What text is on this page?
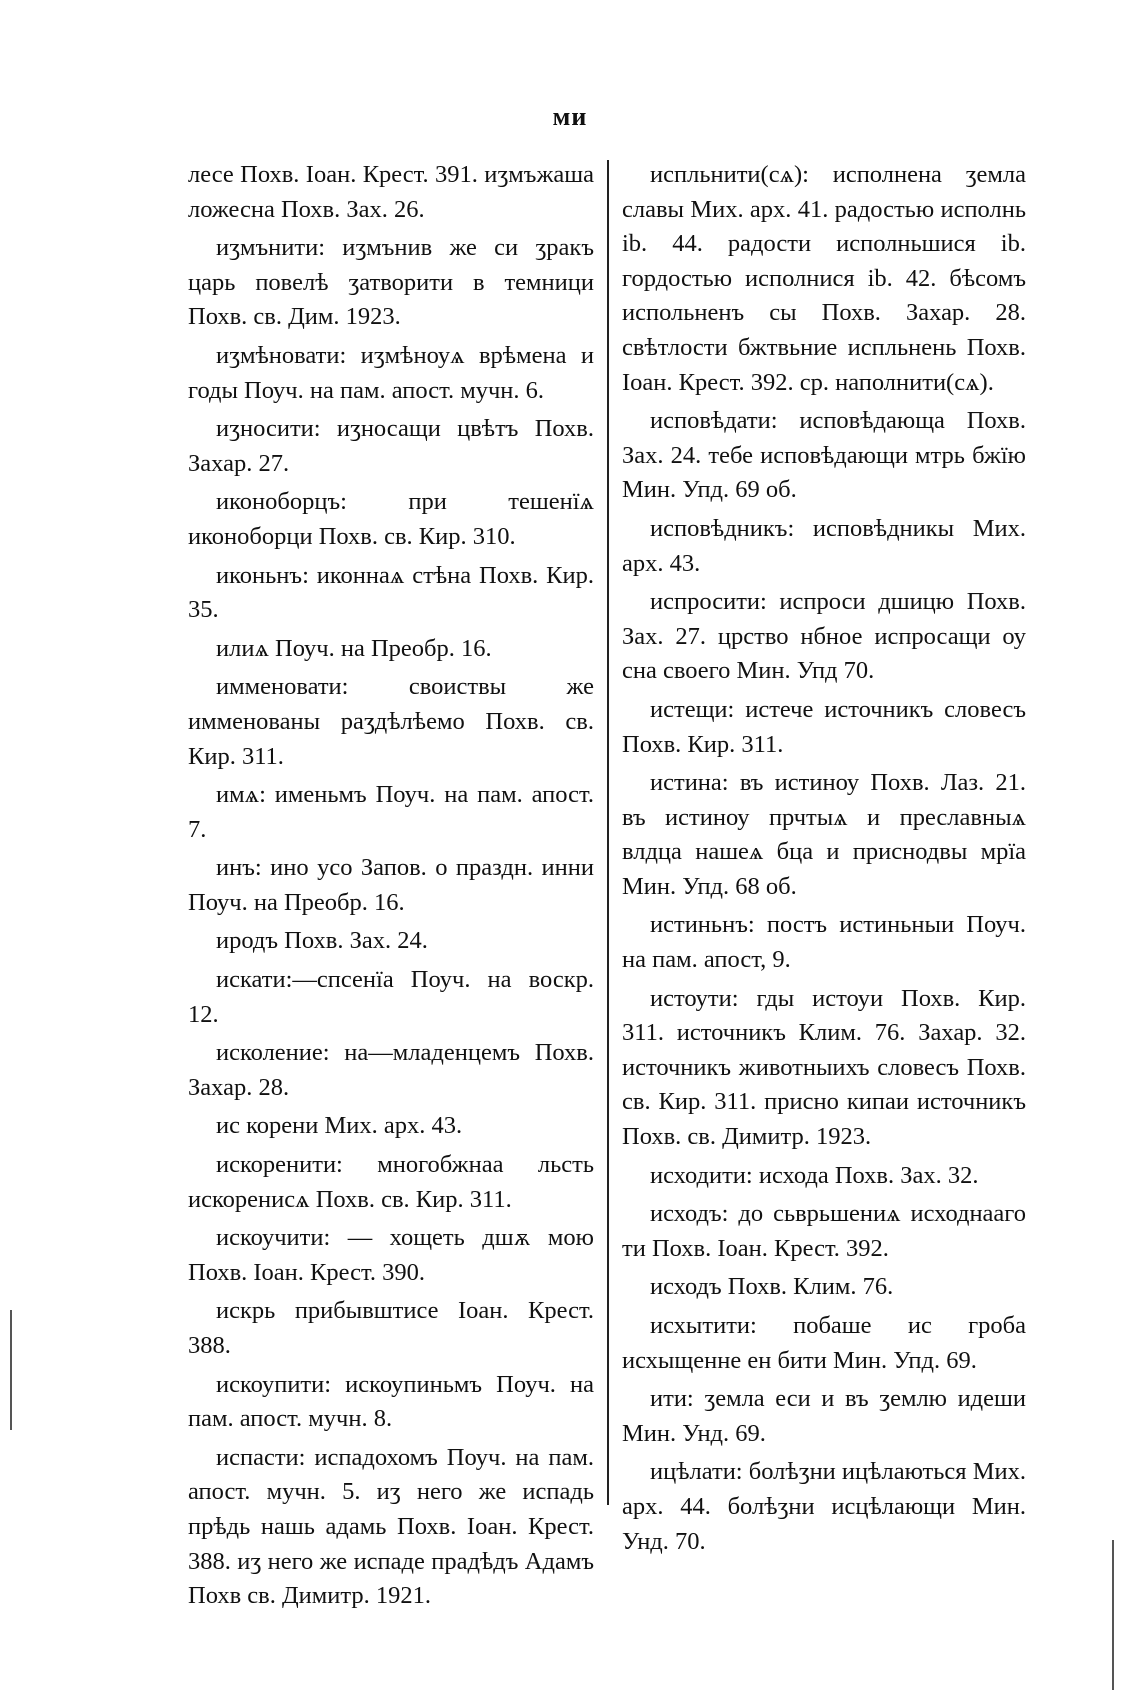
ми

лесе Похв. Іоан. Крест. 391. иʒмъжаша ложесна Похв. Зах. 26.

иʒмънити: иʒмънив же си ʒракъ царь повелѣ ʒатворити в темници Похв. св. Дим. 1923.

иʒмѣновати: иʒмѣноуѧ врѣмена и годы Поуч. на пам. апост. мучн. 6.

иʒносити: иʒносащи цвѣтъ Похв. Захар. 27.

иконоборцъ: при тешенїѧ иконоборци Похв. св. Кир. 310.

иконьнъ: иконнаѧ стѣна Похв. Кир. 35.

илиѧ Поуч. на Преобр. 16.

имменовати: своиствы же имменованы раʒдѣлѣемо Похв. св. Кир. 311.

имѧ: именьмъ Поуч. на пам. апост. 7.

инъ: ино усо Запов. о праздн. инни Поуч. на Преобр. 16.

иродъ Похв. Зах. 24.

искати:—спсенїа Поуч. на воскр. 12.

исколение: на—младенцемъ Похв. Захар. 28.

ис корени Мих. арх. 43.

искоренити: многобжнаа льсть искоренисѧ Похв. св. Кир. 311.

искоучити: — хощеть дшѫ мою Похв. Іоан. Крест. 390.

искрь прибывштисе Іоан. Крест. 388.

искоупити: искоупиньмъ Поуч. на пам. апост. мучн. 8.

испасти: испадохомъ Поуч. на пам. апост. мучн. 5. иʒ него же испадь прѣдь нашь адамь Похв. Іоан. Крест. 388. иʒ него же испаде прадѣдъ Адамъ Похв св. Димитр. 1921.

испльнити(сѧ): исполнена ʒемла славы Мих. арх. 41. радостью исполнь ib. 44. радости исполньшися ib. гордостью исполнися ib. 42. бѣсомъ испольненъ сы Похв. Захар. 28. свѣтлости бжтвьние испльнень Похв. Іоан. Крест. 392. ср. наполнити(сѧ).

исповѣдати: исповѣдающа Похв. Зах. 24. тебе исповѣдающи мтрь бжїю Мин. Упд. 69 об.

исповѣдникъ: исповѣдникы Мих. арх. 43.

испросити: испроси дшицю Похв. Зах. 27. црство нбное испросащи оу сна своего Мин. Упд 70.

истещи: истече источникъ словесъ Похв. Кир. 311.

истина: въ истиноу Похв. Лаз. 21. въ истиноу прчтыѧ и преславныѧ влдца нашеѧ бца и приснодвы мрїа Мин. Упд. 68 об.

истиньнъ: постъ истиньныи Поуч. на пам. апост, 9.

истоути: гды истоуи Похв. Кир. 311. источникъ Клим. 76. Захар. 32. источникъ животныихъ словесъ Похв. св. Кир. 311. присно кипаи источникъ Похв. св. Димитр. 1923.

исходити: исхода Похв. Зах. 32.

исходъ: до сьврьшениѧ исходнааго ти Похв. Іоан. Крест. 392.

исходъ Похв. Клим. 76.

исхытити: побаше ис гроба исхыщенне ен бити Мин. Упд. 69.

ити: ʒемла еси и въ ʒемлю идеши Мин. Унд. 69.

ицѣлати: болѣʒни ицѣлаються Мих. арх. 44. болѣʒни исцѣлающи Мин. Унд. 70.
